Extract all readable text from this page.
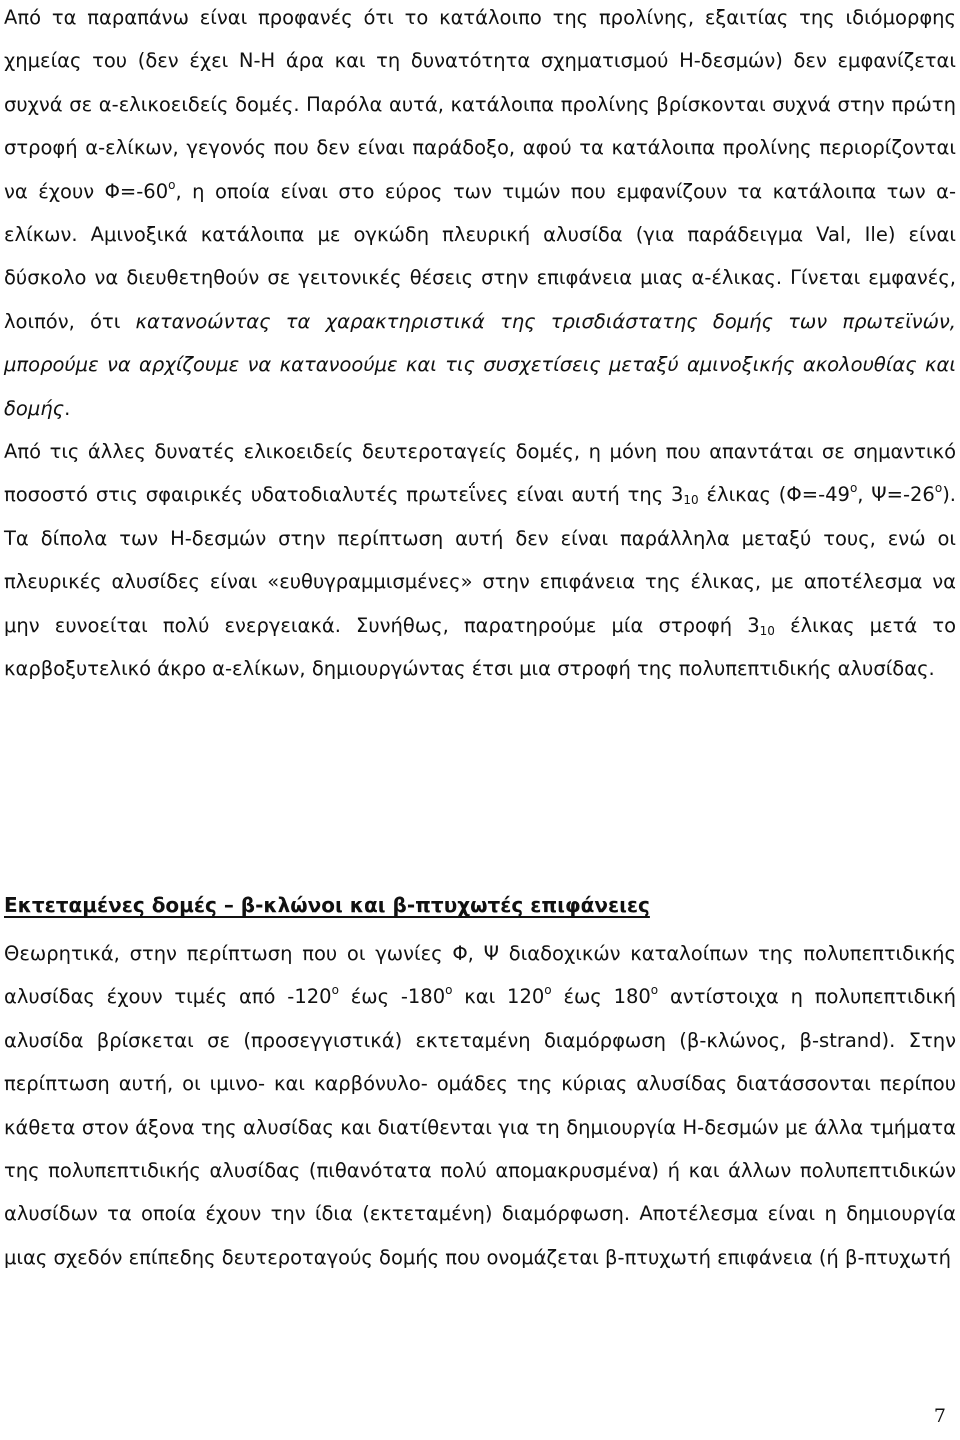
Από τα παραπάνω είναι προφανές ότι το κατάλοιπο της προλίνης, εξαιτίας της ιδιόμορφης χημείας του (δεν έχει N-H άρα και τη δυνατότητα σχηματισμού Η-δεσμών) δεν εμφανίζεται συχνά σε α-ελικοειδείς δομές. Παρόλα αυτά, κατάλοιπα προλίνης βρίσκονται συχνά στην πρώτη στροφή α-ελίκων, γεγονός που δεν είναι παράδοξο, αφού τα κατάλοιπα προλίνης περιορίζονται να έχουν $\Phi=-60^o$, η οποία είναι στο εύρος των τιμών που εμφανίζουν τα κατάλοιπα των α-ελίκων. Αμινοξικά κατάλοιπα με ογκώδη πλευρική αλυσίδα (για παράδειγμα Val, Ile) είναι δύσκολο να διευθετηθούν σε γειτονικές θέσεις στην επιφάνεια μιας α-έλικας. Γίνεται εμφανές, λοιπόν, ότι κατανοώντας τα χαρακτηριστικά της τρισδιάστατης δομής των πρωτεϊνών, μπορούμε να αρχίζουμε να κατανοούμε και τις συσχετίσεις μεταξύ αμινοξικής ακολουθίας και δομής.

Από τις άλλες δυνατές ελικοειδείς δευτεροταγείς δομές, η μόνη που απαντάται σε σημαντικό ποσοστό στις σφαιρικές υδατοδιαλυτές πρωτεΐνες είναι αυτή της $3_{10}$ έλικας ($\Phi=-49^o$, $\Psi=-26^o$). Τα δίπολα των Η-δεσμών στην περίπτωση αυτή δεν είναι παράλληλα μεταξύ τους, ενώ οι πλευρικές αλυσίδες είναι «ευθυγραμμισμένες» στην επιφάνεια της έλικας, με αποτέλεσμα να μην ευνοείται πολύ ενεργειακά. Συνήθως, παρατηρούμε μία στροφή $3_{10}$ έλικας μετά το καρβοξυτελικό άκρο α-ελίκων, δημιουργώντας έτσι μια στροφή της πολυπεπτιδικής αλυσίδας.

Εκτεταμένες δομές – β-κλώνοι και β-πτυχωτές επιφάνειες

Θεωρητικά, στην περίπτωση που οι γωνίες Φ, Ψ διαδοχικών καταλοίπων της πολυπεπτιδικής αλυσίδας έχουν τιμές από -120$^o$ έως -180$^o$ και 120$^o$ έως 180$^o$ αντίστοιχα η πολυπεπτιδική αλυσίδα βρίσκεται σε (προσεγγιστικά) εκτεταμένη διαμόρφωση (β-κλώνος, β-strand). Στην περίπτωση αυτή, οι ιμινο- και καρβόνυλο- ομάδες της κύριας αλυσίδας διατάσσονται περίπου κάθετα στον άξονα της αλυσίδας και διατίθενται για τη δημιουργία Η-δεσμών με άλλα τμήματα της πολυπεπτιδικής αλυσίδας (πιθανότατα πολύ απομακρυσμένα) ή και άλλων πολυπεπτιδικών αλυσίδων τα οποία έχουν την ίδια (εκτεταμένη) διαμόρφωση. Αποτέλεσμα είναι η δημιουργία μιας σχεδόν επίπεδης δευτεροταγούς δομής που ονομάζεται β-πτυχωτή επιφάνεια (ή β-πτυχωτή

7
